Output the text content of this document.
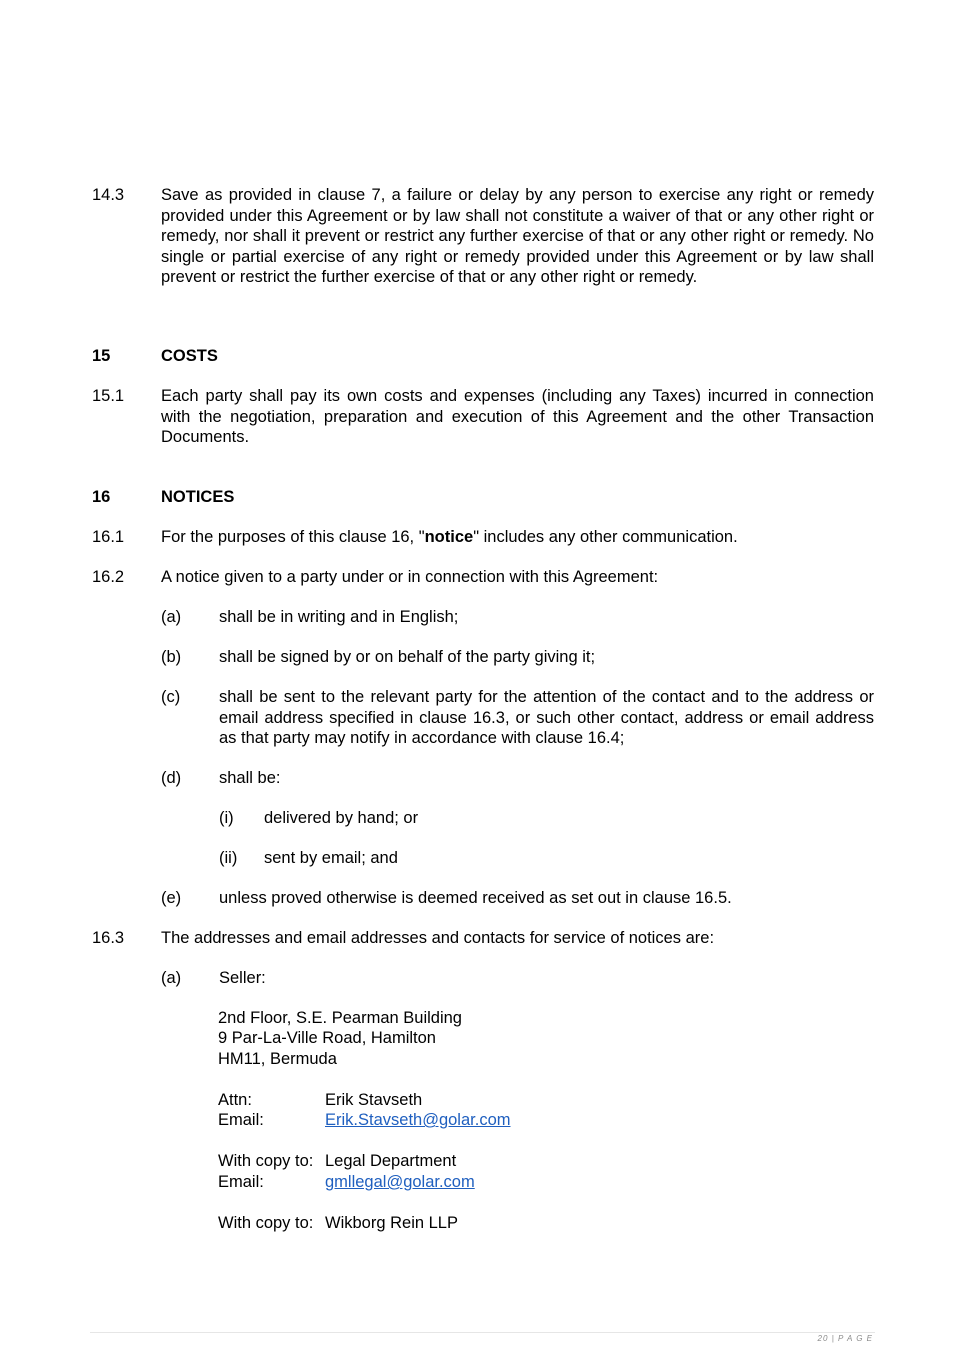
14.3 Save as provided in clause 7, a failure or delay by any person to exercise any right or remedy provided under this Agreement or by law shall not constitute a waiver of that or any other right or remedy, nor shall it prevent or restrict any further exercise of that or any other right or remedy. No single or partial exercise of any right or remedy provided under this Agreement or by law shall prevent or restrict the further exercise of that or any other right or remedy.
15	COSTS
15.1 Each party shall pay its own costs and expenses (including any Taxes) incurred in connection with the negotiation, preparation and execution of this Agreement and the other Transaction Documents.
16	NOTICES
16.1 For the purposes of this clause 16, "notice" includes any other communication.
16.2 A notice given to a party under or in connection with this Agreement:
(a) shall be in writing and in English;
(b) shall be signed by or on behalf of the party giving it;
(c) shall be sent to the relevant party for the attention of the contact and to the address or email address specified in clause 16.3, or such other contact, address or email address as that party may notify in accordance with clause 16.4;
(d) shall be:
(i) delivered by hand; or
(ii) sent by email; and
(e) unless proved otherwise is deemed received as set out in clause 16.5.
16.3 The addresses and email addresses and contacts for service of notices are:
(a) Seller:
2nd Floor, S.E. Pearman Building
9 Par-La-Ville Road, Hamilton
HM11, Bermuda
Attn:	Erik Stavseth
Email:	Erik.Stavseth@golar.com
With copy to: Legal Department
Email:	gmllegal@golar.com
With copy to: Wikborg Rein LLP
20 | P A G E
